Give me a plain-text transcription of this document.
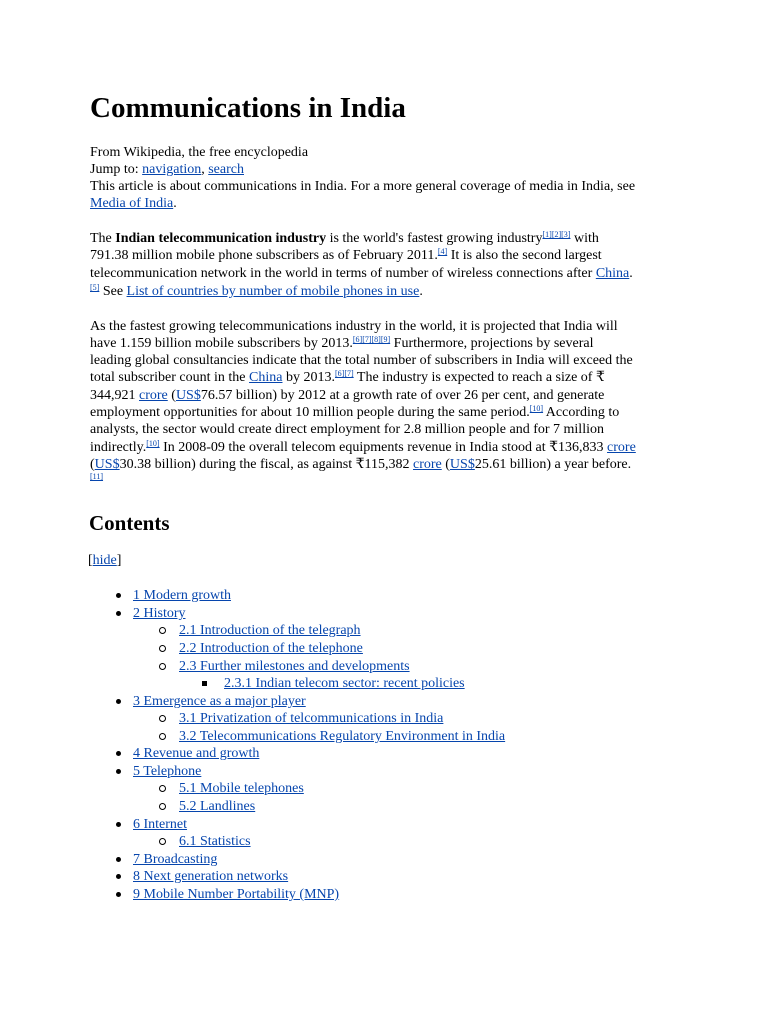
Communications in India
From Wikipedia, the free encyclopedia
Jump to: navigation, search
This article is about communications in India. For a more general coverage of media in India, see
Media of India.
The Indian telecommunication industry is the world's fastest growing industry[1][2][3] with
791.38 million mobile phone subscribers as of February 2011.[4] It is also the second largest
telecommunication network in the world in terms of number of wireless connections after China.
[5] See List of countries by number of mobile phones in use.
As the fastest growing telecommunications industry in the world, it is projected that India will
have 1.159 billion mobile subscribers by 2013.[6][7][8][9] Furthermore, projections by several
leading global consultancies indicate that the total number of subscribers in India will exceed the
total subscriber count in the China by 2013.[6][7] The industry is expected to reach a size of ₹
344,921 crore (US$76.57 billion) by 2012 at a growth rate of over 26 per cent, and generate
employment opportunities for about 10 million people during the same period.[10] According to
analysts, the sector would create direct employment for 2.8 million people and for 7 million
indirectly.[10] In 2008-09 the overall telecom equipments revenue in India stood at ₹136,833 crore
(US$30.38 billion) during the fiscal, as against ₹115,382 crore (US$25.61 billion) a year before.
[11]
Contents
[hide]
1 Modern growth
2 History
2.1 Introduction of the telegraph
2.2 Introduction of the telephone
2.3 Further milestones and developments
2.3.1 Indian telecom sector: recent policies
3 Emergence as a major player
3.1 Privatization of telcommunications in India
3.2 Telecommunications Regulatory Environment in India
4 Revenue and growth
5 Telephone
5.1 Mobile telephones
5.2 Landlines
6 Internet
6.1 Statistics
7 Broadcasting
8 Next generation networks
9 Mobile Number Portability (MNP)
